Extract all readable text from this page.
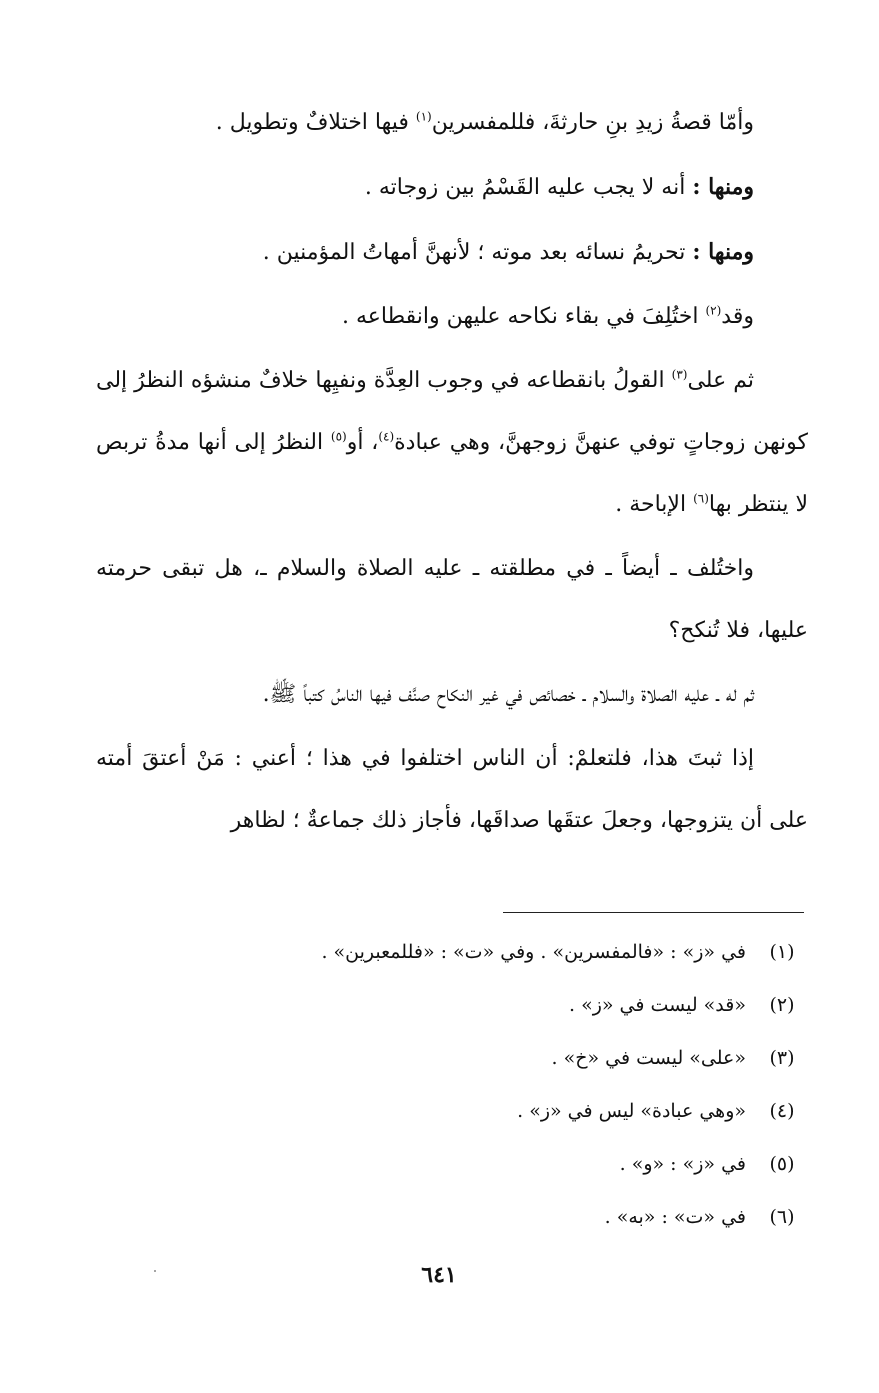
وأمّا قصةُ زيدِ بنِ حارثةَ، فللمفسرين$^{(١)}$ فيها اختلافٌ وتطويل .

ومنها : أنه لا يجب عليه القَسْمُ بين زوجاته .

ومنها : تحريمُ نسائه بعد موته ؛ لأنهنَّ أمهاتُ المؤمنين .

وقد$^{(٢)}$ اختُلِفَ في بقاء نكاحه عليهن وانقطاعه .

ثم على$^{(٣)}$ القولُ بانقطاعه في وجوب العِدَّة ونفيِها خلافٌ منشؤه النظرُ إلى كونهن زوجاتٍ توفي عنهنَّ زوجهنَّ، وهي عبادة$^{(٤)}$، أو$^{(٥)}$ النظرُ إلى أنها مدةُ تربص لا ينتظر بها$^{(٦)}$ الإباحة .

واختُلف ـ أيضاً ـ في مطلقته ـ عليه الصلاة والسلام ـ، هل تبقى حرمته عليها، فلا تُنكح؟

ثم له ـ عليه الصلاة والسلام ـ خصائص في غير النكاح صنَّف فيها الناسُ كتباً ﷺ.

إذا ثبتَ هذا، فلتعلمْ: أن الناس اختلفوا في هذا ؛ أعني : مَنْ أعتقَ أمته على أن يتزوجها، وجعلَ عتقَها صداقَها، فأجاز ذلك جماعةٌ ؛ لظاهر

(١)
في «ز» : «فالمفسرين» . وفي «ت» : «فللمعبرين» .
(٢)
«قد» ليست في «ز» .
(٣)
«على» ليست في «خ» .
(٤)
«وهي عبادة» ليس في «ز» .
(٥)
في «ز» : «و» .
(٦)
في «ت» : «به» .
٦٤١
